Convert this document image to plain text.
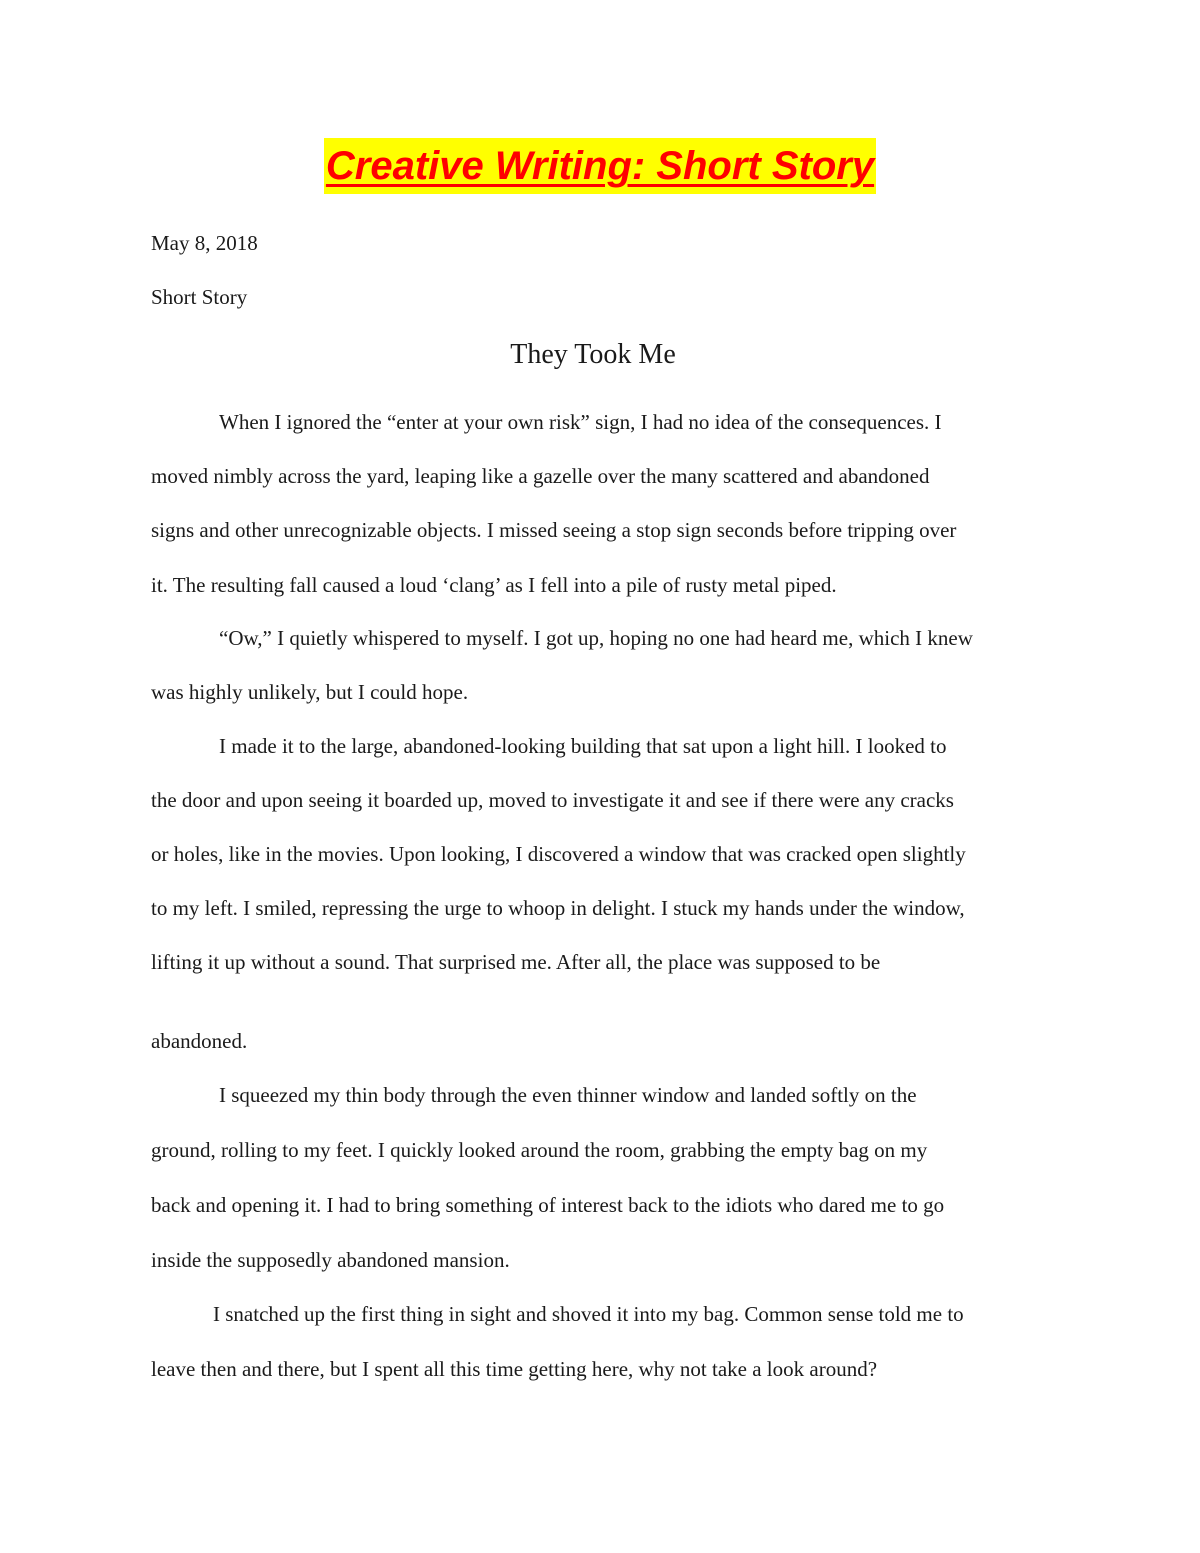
Creative Writing: Short Story
May 8, 2018
Short Story
They Took Me
When I ignored the “enter at your own risk” sign, I had no idea of the consequences. I
moved nimbly across the yard, leaping like a gazelle over the many scattered and abandoned
signs and other unrecognizable objects. I missed seeing a stop sign seconds before tripping over
it. The resulting fall caused a loud ‘clang’ as I fell into a pile of rusty metal piped.
“Ow,” I quietly whispered to myself. I got up, hoping no one had heard me, which I knew
was highly unlikely, but I could hope.
I made it to the large, abandoned-looking building that sat upon a light hill. I looked to
the door and upon seeing it boarded up, moved to investigate it and see if there were any cracks
or holes, like in the movies. Upon looking, I discovered a window that was cracked open slightly
to my left. I smiled, repressing the urge to whoop in delight. I stuck my hands under the window,
lifting it up without a sound. That surprised me. After all, the place was supposed to be
abandoned.
I squeezed my thin body through the even thinner window and landed softly on the
ground, rolling to my feet. I quickly looked around the room, grabbing the empty bag on my
back and opening it. I had to bring something of interest back to the idiots who dared me to go
inside the supposedly abandoned mansion.
I snatched up the first thing in sight and shoved it into my bag. Common sense told me to
leave then and there, but I spent all this time getting here, why not take a look around?
